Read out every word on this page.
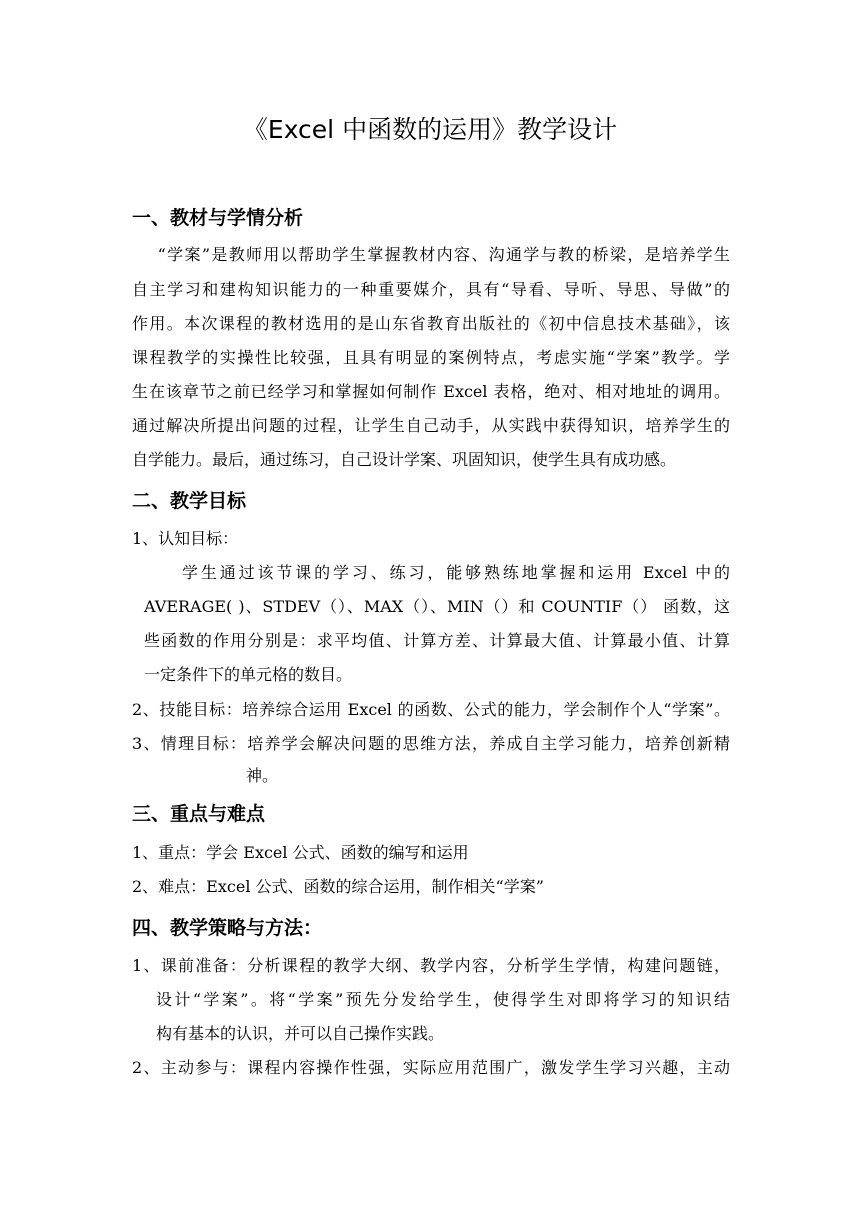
《Excel 中函数的运用》教学设计
一、教材与学情分析
“学案”是教师用以帮助学生掌握教材内容、沟通学与教的桥梁，是培养学生
自主学习和建构知识能力的一种重要媒介，具有“导看、导听、导思、导做”的
作用。本次课程的教材选用的是山东省教育出版社的《初中信息技术基础》，该
课程教学的实操性比较强，且具有明显的案例特点，考虑实施“学案”教学。学
生在该章节之前已经学习和掌握如何制作 Excel 表格，绝对、相对地址的调用。
通过解决所提出问题的过程，让学生自己动手，从实践中获得知识，培养学生的
自学能力。最后，通过练习，自己设计学案、巩固知识，使学生具有成功感。
二、教学目标
1、认知目标：
学生通过该节课的学习、练习，能够熟练地掌握和运用 Excel 中的
AVERAGE( )、STDEV（）、MAX（）、MIN（）和 COUNTIF（） 函数，这
些函数的作用分别是：求平均值、计算方差、计算最大值、计算最小值、计算
一定条件下的单元格的数目。
2、技能目标：培养综合运用 Excel 的函数、公式的能力，学会制作个人“学案”。
3、情理目标：培养学会解决问题的思维方法，养成自主学习能力，培养创新精
神。
三、重点与难点
1、重点：学会 Excel 公式、函数的编写和运用
2、难点：Excel 公式、函数的综合运用，制作相关“学案”
四、教学策略与方法：
1、课前准备：分析课程的教学大纲、教学内容，分析学生学情，构建问题链，
设计“学案”。将“学案”预先分发给学生，使得学生对即将学习的知识结
构有基本的认识，并可以自己操作实践。
2、主动参与：课程内容操作性强，实际应用范围广，激发学生学习兴趣，主动
